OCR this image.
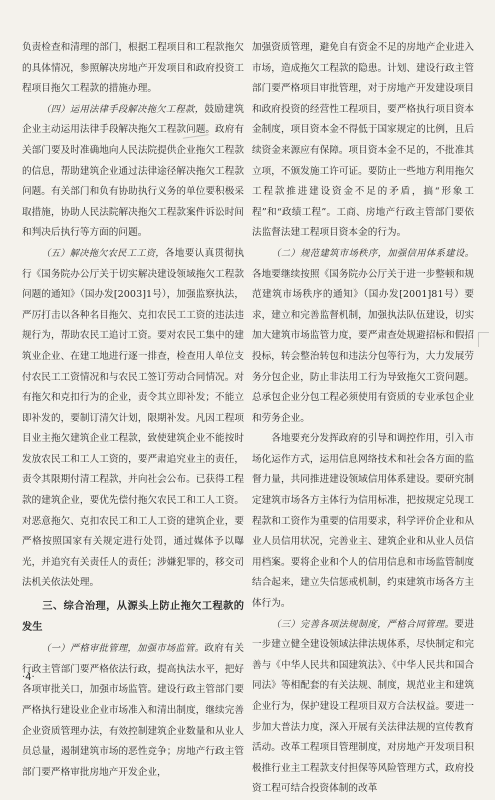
负责检查和清理的部门，根据工程项目和工程款拖欠的具体情况，参照解决房地产开发项目和政府投资工程项目拖欠工程款的措施办理。

（四）运用法律手段解决拖欠工程款，鼓励建筑企业主动运用法律手段解决拖欠工程款问题。政府有关部门要及时准确地向人民法院提供企业拖欠工程款的信息，帮助建筑企业通过法律途径解决拖欠工程款问题。有关部门和负有协助执行义务的单位要积极采取措施，协助人民法院解决拖欠工程款案件诉讼时间和判决后执行等方面的问题。

（五）解决拖欠农民工工资，各地要认真贯彻执行《国务院办公厅关于切实解决建设领域拖欠工程款问题的通知》（国办发[2003]1号），加强监察执法，严厉打击以各种名目拖欠、克扣农民工工资的违法违规行为，帮助农民工追讨工资。要对农民工集中的建筑业企业、在建工地进行逐一排查，检查用人单位支付农民工工资情况和与农民工签订劳动合同情况。对有拖欠和克扣行为的企业，责令其立即补发；不能立即补发的，要制订清欠计划，限期补发。凡因工程项目业主拖欠建筑企业工程款，致使建筑企业不能按时发放农民工和工人工资的，要严肃追究业主的责任，责令其限期付清工程款，并向社会公布。已获得工程款的建筑企业，要优先偿付拖欠农民工和工人工资。对恶意拖欠、克扣农民工和工人工资的建筑企业，要严格按照国家有关规定进行处罚，通过媒体予以曝光，并追究有关责任人的责任；涉嫌犯罪的，移交司法机关依法处理。

三、综合治理，从源头上防止拖欠工程款的发生

（一）严格审批管理，加强市场监管。政府有关行政主管部门要严格依法行政，提高执法水平，把好各项审批关口，加强市场监管。建设行政主管部门要严格执行建设业企业市场准入和清出制度，继续完善企业资质管理办法，有效控制建筑企业数量和从业人员总量，遏制建筑市场的恶性竞争；房地产行政主管部门要严格审批房地产开发企业，

加强资质管理，避免自有资金不足的房地产企业进入市场，造成拖欠工程款的隐患。计划、建设行政主管部门要严格项目审批管理，对于房地产开发建设项目和政府投资的经营性工程项目，要严格执行项目资本金制度，项目资本金不得低于国家规定的比例，且后续资金来源应有保障。项目资本金不足的，不批准其立项，不颁发施工许可证。要防止一些地方利用拖欠工程款推进建设资金不足的矛盾，搞“形象工程”和“政绩工程”。工商、房地产行政主管部门要依法监督法建工程项目资本金的行为。

（二）规范建筑市场秩序，加强信用体系建设。各地要继续按照《国务院办公厅关于进一步整顿和规范建筑市场秩序的通知》（国办发[2001]81号）要求，建立和完善监督机制，加强执法队伍建设，切实加大建筑市场监管力度，要严肃查处规避招标和假招投标，转会整治转包和违法分包等行为，大力发展劳务分包企业，防止非法用工行为导致拖欠工资问题。总承包企业分包工程必须使用有资质的专业承包企业和劳务企业。

各地要充分发挥政府的引导和调控作用，引入市场化运作方式，运用信息网络技术和社会各方面的监督力量，共同推进建设领域信用体系建设。要研究制定建筑市场各方主体行为信用标准，把按规定兑现工程款和工资作为重要的信用要求，科学评价企业和从业人员信用状况，完善业主、建筑企业和从业人员信用档案。要将企业和个人的信用信息和市场监管制度结合起来，建立失信惩戒机制，约束建筑市场各方主体行为。

（三）完善各项法规制度，严格合同管理。要进一步建立健全建设领域法律法规体系，尽快制定和完善与《中华人民共和国建筑法》、《中华人民共和国合同法》等相配套的有关法规、制度，规范业主和建筑企业行为，保护建设工程项目双方合法权益。要进一步加大普法力度，深入开展有关法律法规的宣传教育活动。改革工程项目管理制度，对房地产开发项目积极推行业主工程款支付担保等风险管理方式，政府投资工程可结合投资体制的改革

·4·
